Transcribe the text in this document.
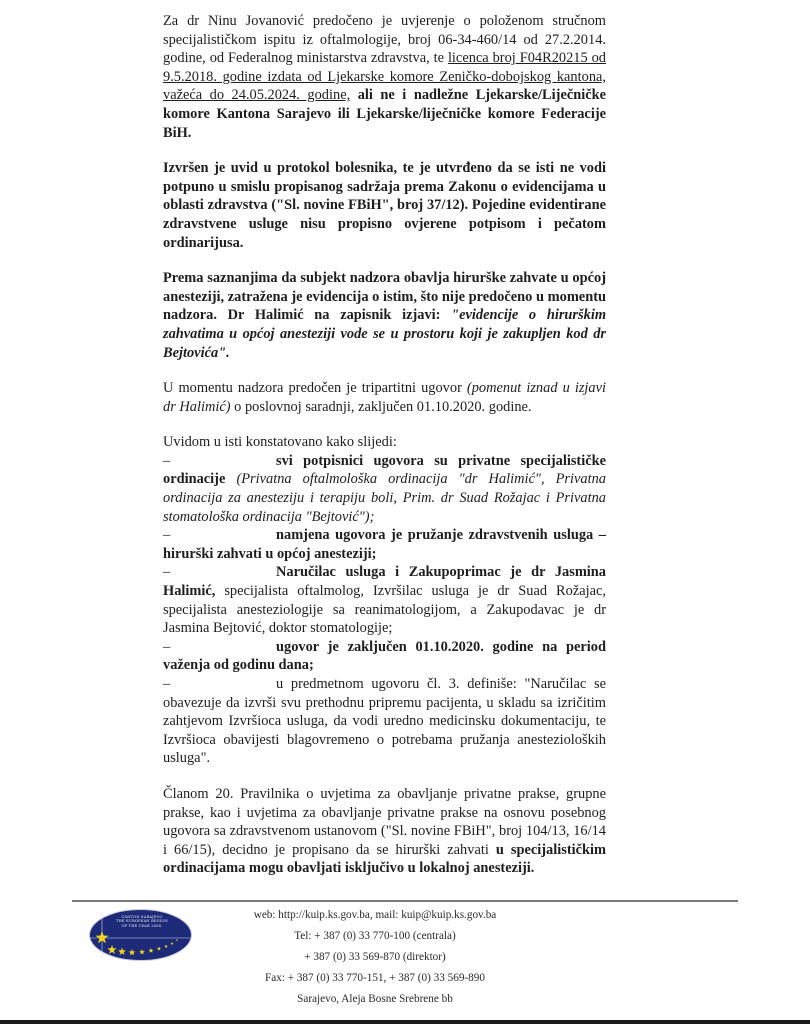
Za dr Ninu Jovanović predočeno je uvjerenje o položenom stručnom specijalističkom ispitu iz oftalmologije, broj 06-34-460/14 od 27.2.2014. godine, od Federalnog ministarstva zdravstva, te licenca broj F04R20215 od 9.5.2018. godine izdata od Ljekarske komore Zeničko-dobojskog kantona, važeća do 24.05.2024. godine, ali ne i nadležne Ljekarske/Liječničke komore Kantona Sarajevo ili Ljekarske/liječničke komore Federacije BiH.

Izvršen je uvid u protokol bolesnika, te je utvrđeno da se isti ne vodi potpuno u smislu propisanog sadržaja prema Zakonu o evidencijama u oblasti zdravstva ("Sl. novine FBiH", broj 37/12). Pojedine evidentirane zdravstvene usluge nisu propisno ovjerene potpisom i pečatom ordinarijusa.

Prema saznanjima da subjekt nadzora obavlja hirurške zahvate u općoj anesteziji, zatražena je evidencija o istim, što nije predočeno u momentu nadzora. Dr Halimić na zapisnik izjavi: "evidencije o hirurškim zahvatima u općoj anesteziji vode se u prostoru koji je zakupljen kod dr Bejtovića".

U momentu nadzora predočen je tripartitni ugovor (pomenut iznad u izjavi dr Halimić) o poslovnoj saradnji, zaključen 01.10.2020. godine.

Uvidom u isti konstatovano kako slijedi:

–	svi potpisnici ugovora su privatne specijalističke ordinacije (Privatna oftalmološka ordinacija "dr Halimić", Privatna ordinacija za anesteziju i terapiju boli, Prim. dr Suad Rožajac i Privatna stomatološka ordinacija "Bejtović");
–	namjena ugovora je pružanje zdravstvenih usluga – hirurški zahvati u općoj anesteziji;
–	Naručilac usluga i Zakupoprimac je dr Jasmina Halimić, specijalista oftalmolog, Izvršilac usluga je dr Suad Rožajac, specijalista anesteziologije sa reanimatologijom, a Zakupodavac je dr Jasmina Bejtović, doktor stomatologije;
–	ugovor je zaključen 01.10.2020. godine na period važenja od godinu dana;
–	u predmetnom ugovoru čl. 3. definiše: "Naručilac se obavezuje da izvrši svu prethodnu pripremu pacijenta, u skladu sa izričitim zahtjevom Izvršioca usluga, da vodi uredno medicinsku dokumentaciju, te Izvršioca obavijesti blagovremeno o potrebama pružanja anestezioloških usluga".

Članom 20. Pravilnika o uvjetima za obavljanje privatne prakse, grupne prakse, kao i uvjetima za obavljanje privatne prakse na osnovu posebnog ugovora sa zdravstvenom ustanovom ("Sl. novine FBiH", broj 104/13, 16/14 i 66/15), decidno je propisano da se hirurški zahvati u specijalističkim ordinacijama mogu obavljati isključivo u lokalnoj anesteziji.

CANTON SARAJEVO
THE EUROPEAN REGION
OF THE YEAR 2006.
web: http://kuip.ks.gov.ba, mail: kuip@kuip.ks.gov.ba
Tel: + 387 (0) 33 770-100 (centrala)
+ 387 (0) 33 569-870 (direktor)
Fax: + 387 (0) 33 770-151, + 387 (0) 33 569-890
Sarajevo, Aleja Bosne Srebrene bb
